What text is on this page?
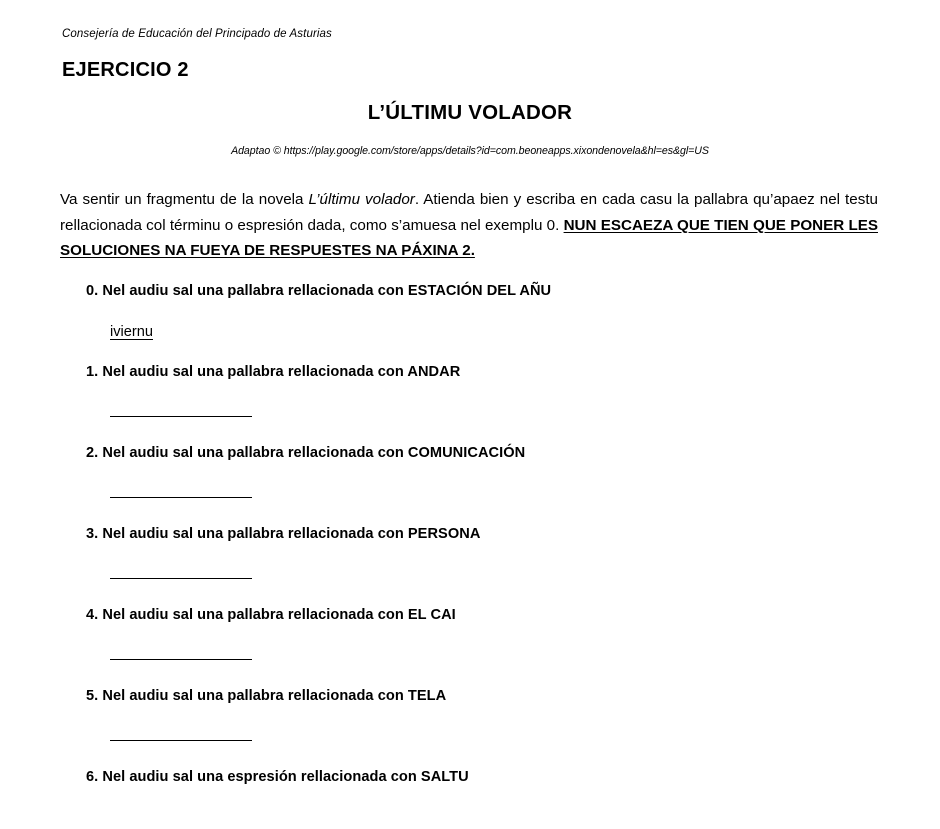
Consejería de Educación del Principado de Asturias
EJERCICIO 2
L’ÚLTIMU VOLADOR
Adaptao © https://play.google.com/store/apps/details?id=com.beoneapps.xixondenovela&hl=es&gl=US

Va sentir un fragmentu de la novela L’últimu volador. Atienda bien y escriba en cada casu la pallabra qu’apaez nel testu rellacionada col términu o espresión dada, como s’amuesa nel exemplu 0. NUN ESCAEZA QUE TIEN QUE PONER LES SOLUCIONES NA FUEYA DE RESPUESTES NA PÁXINA 2.

0. Nel audiu sal una pallabra rellacionada con ESTACIÓN DEL AÑU
iviernu
1. Nel audiu sal una pallabra rellacionada con ANDAR
2. Nel audiu sal una pallabra rellacionada con COMUNICACIÓN
3. Nel audiu sal una pallabra rellacionada con PERSONA
4. Nel audiu sal una pallabra rellacionada con EL CAI
5. Nel audiu sal una pallabra rellacionada con TELA
6. Nel audiu sal una espresión rellacionada con SALTU
